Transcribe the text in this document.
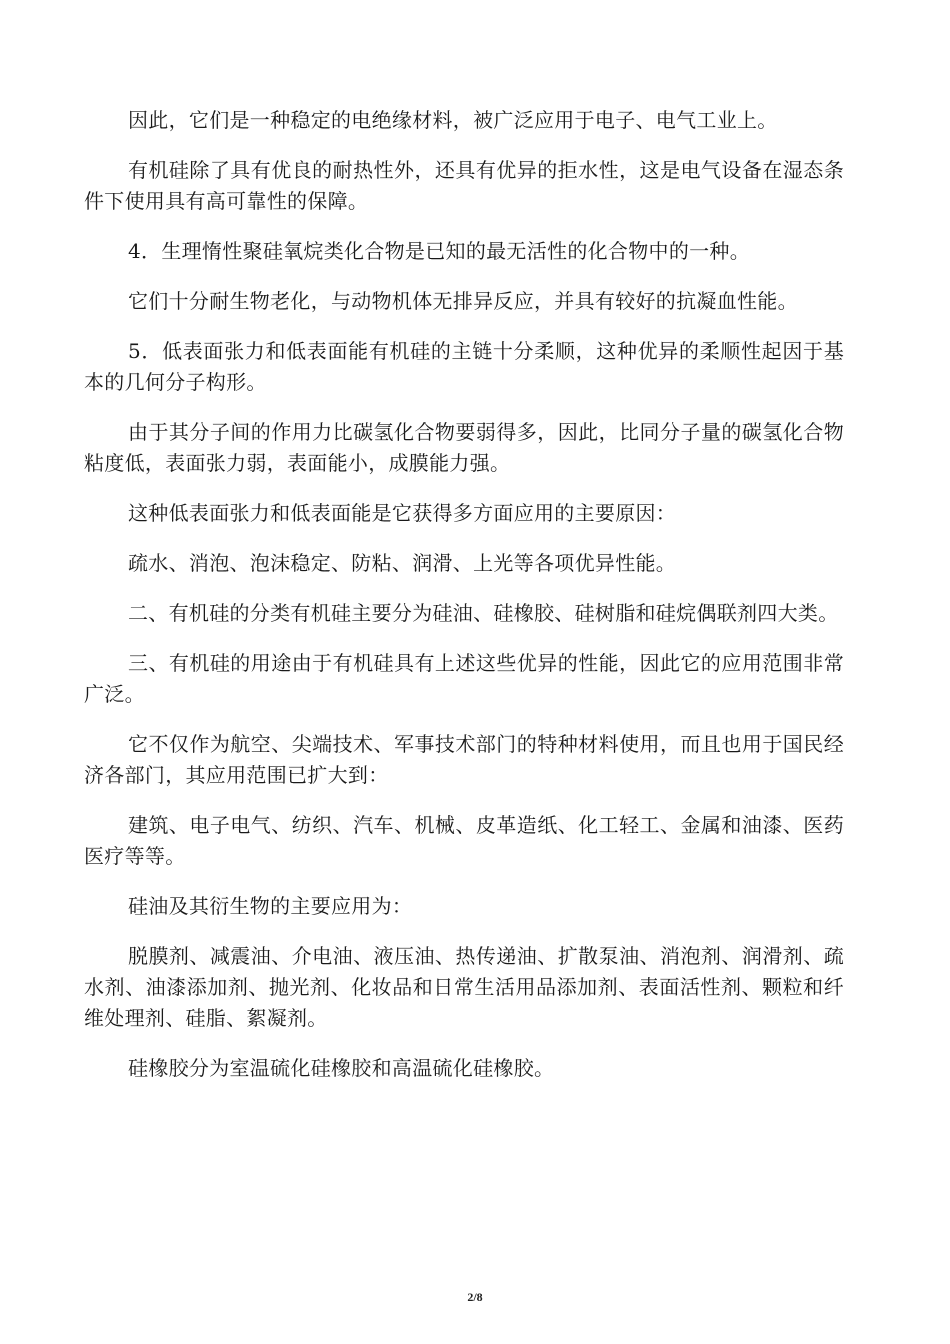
因此，它们是一种稳定的电绝缘材料，被广泛应用于电子、电气工业上。

有机硅除了具有优良的耐热性外，还具有优异的拒水性，这是电气设备在湿态条件下使用具有高可靠性的保障。

4．生理惰性聚硅氧烷类化合物是已知的最无活性的化合物中的一种。

它们十分耐生物老化，与动物机体无排异反应，并具有较好的抗凝血性能。

5．低表面张力和低表面能有机硅的主链十分柔顺，这种优异的柔顺性起因于基本的几何分子构形。

由于其分子间的作用力比碳氢化合物要弱得多，因此，比同分子量的碳氢化合物粘度低，表面张力弱，表面能小，成膜能力强。

这种低表面张力和低表面能是它获得多方面应用的主要原因：

疏水、消泡、泡沫稳定、防粘、润滑、上光等各项优异性能。

二、有机硅的分类有机硅主要分为硅油、硅橡胶、硅树脂和硅烷偶联剂四大类。

三、有机硅的用途由于有机硅具有上述这些优异的性能，因此它的应用范围非常广泛。

它不仅作为航空、尖端技术、军事技术部门的特种材料使用，而且也用于国民经济各部门，其应用范围已扩大到：

建筑、电子电气、纺织、汽车、机械、皮革造纸、化工轻工、金属和油漆、医药医疗等等。

硅油及其衍生物的主要应用为：

脱膜剂、减震油、介电油、液压油、热传递油、扩散泵油、消泡剂、润滑剂、疏水剂、油漆添加剂、抛光剂、化妆品和日常生活用品添加剂、表面活性剂、颗粒和纤维处理剂、硅脂、絮凝剂。

硅橡胶分为室温硫化硅橡胶和高温硫化硅橡胶。

2/8
